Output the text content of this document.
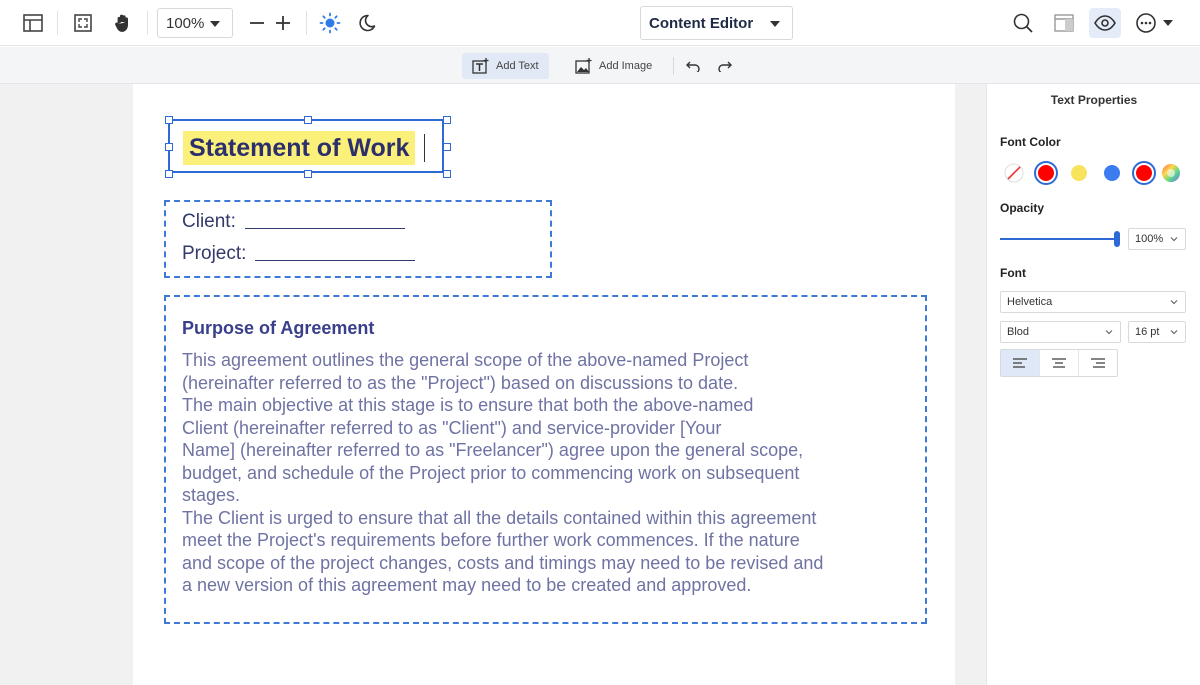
100%	Content Editor
Add Text	Add Image
Statement of Work
Client:
Project:
Purpose of Agreement

This agreement outlines the general scope of the above-named Project

(hereinafter referred to as the "Project") based on discussions to date.

The main objective at this stage is to ensure that both the above-named

Client (hereinafter referred to as "Client") and service-provider [Your

Name] (hereinafter referred to as "Freelancer") agree upon the general scope,

budget, and schedule of the Project prior to commencing work on subsequent

stages.

The Client is urged to ensure that all the details contained within this agreement

meet the Project's requirements before further work commences. If the nature

and scope of the project changes, costs and timings may need to be revised and

a new version of this agreement may need to be created and approved.

Text Properties
Font Color
Opacity
100%
Font
Helvetica
Blod	16 pt
